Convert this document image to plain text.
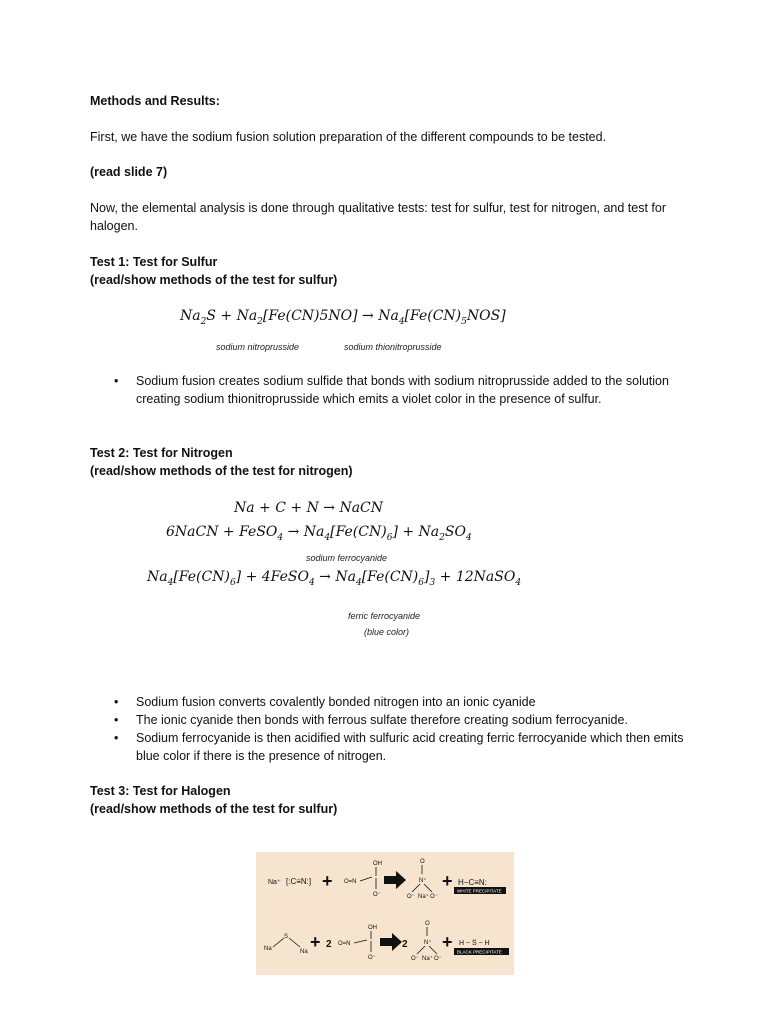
Methods and Results:
First, we have the sodium fusion solution preparation of the different compounds to be tested.
(read slide 7)
Now, the elemental analysis is done through qualitative tests: test for sulfur, test for nitrogen, and test for halogen.
Test 1: Test for Sulfur
(read/show methods of the test for sulfur)
$Na_2S + Na_2[Fe(CN)5NO] \to Na_4[Fe(CN)_5NOS]$
sodium nitroprusside	sodium thionitroprusside
• Sodium fusion creates sodium sulfide that bonds with sodium nitroprusside added to the solution creating sodium thionitroprusside which emits a violet color in the presence of sulfur.
Test 2: Test for Nitrogen
(read/show methods of the test for nitrogen)
Na + C + N → NaCN
6NaCN + FeSO$_4$ → $Na_4[Fe(CN)_6] + Na_2SO_4$
sodium ferrocyanide
$Na_4[Fe(CN)_6]$ + 4FeSO$_4$ → $Na_4[Fe(CN)_6]_3$ + 12NaSO$_4$
ferric ferrocyanide
(blue color)
• Sodium fusion converts covalently bonded nitrogen into an ionic cyanide
• The ionic cyanide then bonds with ferrous sulfate therefore creating sodium ferrocyanide.
• Sodium ferrocyanide is then acidified with sulfuric acid creating ferric ferrocyanide which then emits blue color if there is the presence of nitrogen.
Test 3: Test for Halogen
(read/show methods of the test for sulfur)
Na⁺ [:C≡N:] +
OH
O=N
O⁻
O
N⁺
O⁻ Na⁺ O⁻
+ H−C≡N:
WHITE PRECIPITATE
Na
S
Na + 2
OH
O=N
O⁻
2
O
N⁺
O⁻ Na⁺ O⁻
+ H − S̈ − H
BLACK PRECIPITATE
